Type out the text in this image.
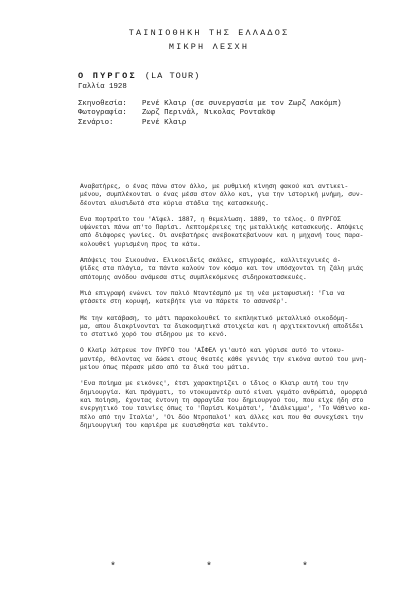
ΤΑΙΝΙΟΘΗΚΗ ΤΗΣ ΕΛΛΑΔΟΣ
ΜΙΚΡΗ ΛΕΣΧΗ
Ο ΠΥΡΓΟΣ (LA TOUR)
Γαλλία 1928
Σκηνοθεσία:	Ρενέ Κλαιρ (σε συνεργασία με τον Ζωρζ Λακόμπ)
Φωτογραφία:	Ζωρζ Περινάλ, Νικολας Ρονταköφ
Σενάριο:	Ρενέ Κλαιρ

Αναβατήρες, ο ένας πάνω στον άλλο, με ρυθμική κίνηση φακού και αντικει-
μένου, συμπλέκονται ο ένας μέσα στον άλλο και, για την ιστορική μνήμη, συν-
δέονται αλυσιδωτά στα κύρια στάδια της κατασκευής.

Ενα πορτραίτο του 'Αϊφελ. 1887, η θεμελίωση. 1889, το τέλος. Ο ΠΥΡΓΟΣ
υψώνεται πάνω απ'το Παρίσι. Λεπτομέρειες της μεταλλικής κατασκευής. Απόψεις
από διάφορες γωνίες. Οι ανεβατήρες ανεβοκατεβαίνουν και η μηχανή τους παρα-
κολουθεί γυρισμένη προς τα κάτω.

Απόψεις του Σικουάνα. Ελικοειδείς σκάλες, επιγραφές, καλλιτεχνικές ά-
ψίδες στα πλάγια, τα πάντα καλούν τον κόσμο και τον υπόσχονται τη ζάλη μιάς
απότομης ανόδου ανάμεσα στις συμπλεκόμενες σιδηροκατασκευές.

Μιά επιγραφή ενώνει τον παλιό Νταντέσμπό με τη νέα μεταφυσική: 'Για να
φτάσετε στη κορυφή, κατεβήτε για να πάρετε το ασανσέρ'.

Με την κατάβαση, το μάτι παρακολουθεί το εκπληκτικό μεταλλικό οικοδόμη-
μα, απου διακρίνονται τα διακοσμητικά στοιχεία και η αρχιτεκτονική αποδίδει
το στατικό χορό του σίδηρου με το κενό.

Ο Κλαίρ λάτρευε τον ΠΥΡΓΟ του 'ΑΪΦΕΛ γι'αυτό και γύρισε αυτό το ντοκυ-
μαντέρ, θέλοντας να δώσει στους θεατές κάθε γενιάς την εικόνα αυτού του μνη-
μείου όπως πέρασε μέσο από τα δικά του μάτια.

'Ενα ποίημα με εικόνες', έτσι χαρακτηρίζει ο ίδιος ο Κλαιρ αυτή του την
δημιουργία. Και πράγματι, το ντοκυμαντέρ αυτό είναι γεμάτο ανθρώπιά, ομορφιά
και ποίηση, έχοντας έντονη τη σφραγίδα του δημιουργού του, που είχε ήδη στο
ενεργητικό του ταινίες όπως το 'Παρίσι Κοιμάται', 'Διάλειμμα', 'Το Ψάθινο κα-
πέλο από την Ιταλία', 'Οι δύο Ντροπαλοί' και άλλες και που θα συνεχίσει την
δημιουργική του καριέρα με ευαισθησία και ταλέντο.

* * *
